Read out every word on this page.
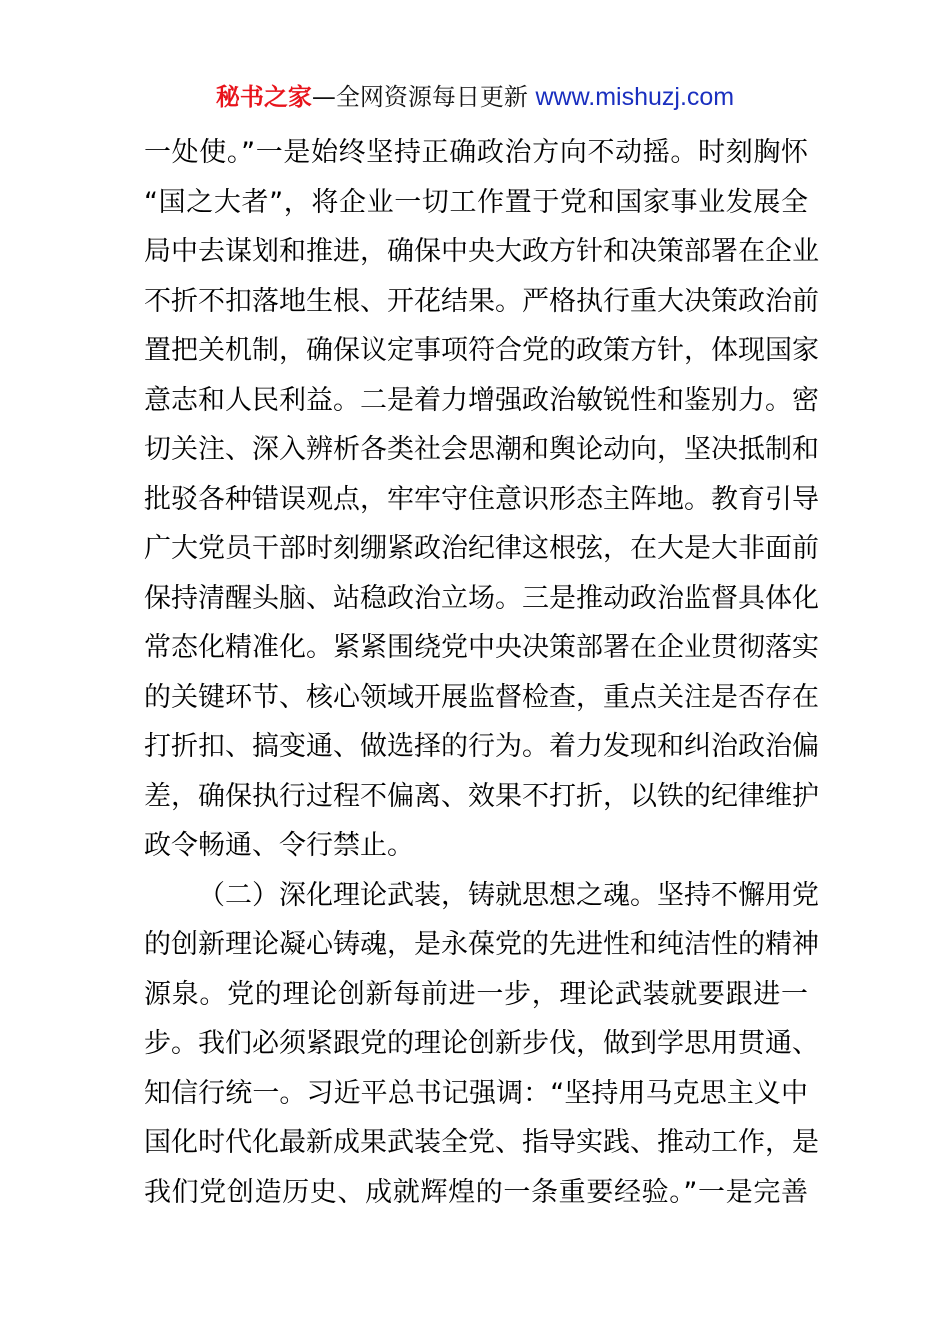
秘书之家—全网资源每日更新 www.mishuzj.com
一处使。”一是始终坚持正确政治方向不动摇。时刻胸怀
“国之大者”，将企业一切工作置于党和国家事业发展全
局中去谋划和推进，确保中央大政方针和决策部署在企业
不折不扣落地生根、开花结果。严格执行重大决策政治前
置把关机制，确保议定事项符合党的政策方针，体现国家
意志和人民利益。二是着力增强政治敏锐性和鉴别力。密
切关注、深入辨析各类社会思潮和舆论动向，坚决抵制和
批驳各种错误观点，牢牢守住意识形态主阵地。教育引导
广大党员干部时刻绷紧政治纪律这根弦，在大是大非面前
保持清醒头脑、站稳政治立场。三是推动政治监督具体化
常态化精准化。紧紧围绕党中央决策部署在企业贯彻落实
的关键环节、核心领域开展监督检查，重点关注是否存在
打折扣、搞变通、做选择的行为。着力发现和纠治政治偏
差，确保执行过程不偏离、效果不打折，以铁的纪律维护
政令畅通、令行禁止。
（二）深化理论武装，铸就思想之魂。坚持不懈用党
的创新理论凝心铸魂，是永葆党的先进性和纯洁性的精神
源泉。党的理论创新每前进一步，理论武装就要跟进一
步。我们必须紧跟党的理论创新步伐，做到学思用贯通、
知信行统一。习近平总书记强调：“坚持用马克思主义中
国化时代化最新成果武装全党、指导实践、推动工作，是
我们党创造历史、成就辉煌的一条重要经验。”一是完善
